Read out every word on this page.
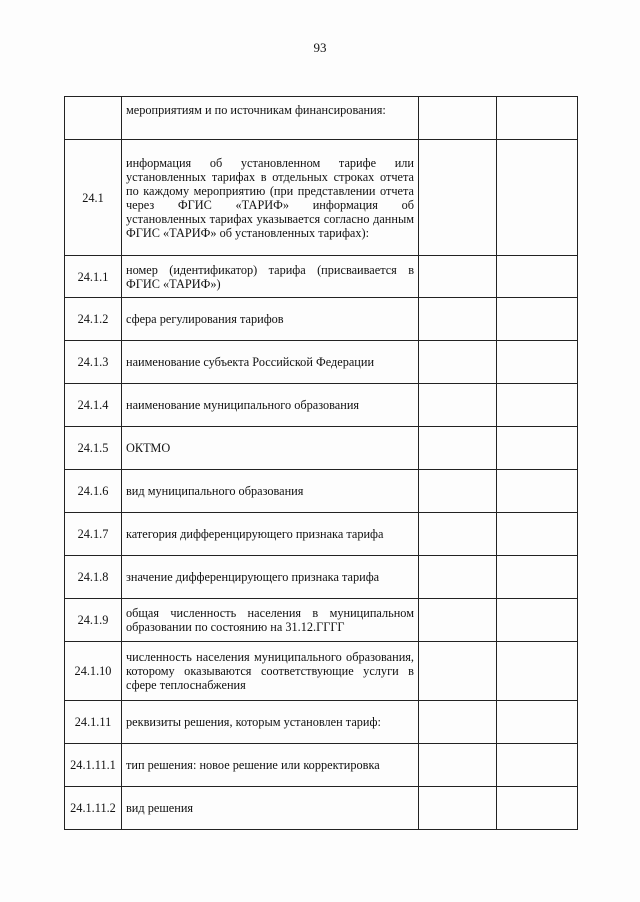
93
	мероприятиям и по источникам финансирования:		
24.1	информация об установленном тарифе или установленных тарифах в отдельных строках отчета по каждому мероприятию (при представлении отчета через ФГИС «ТАРИФ» информация об установленных тарифах указывается согласно данным ФГИС «ТАРИФ» об установленных тарифах):		
24.1.1	номер (идентификатор) тарифа (присваивается в ФГИС «ТАРИФ»)		
24.1.2	сфера регулирования тарифов		
24.1.3	наименование субъекта Российской Федерации		
24.1.4	наименование муниципального образования		
24.1.5	ОКТМО		
24.1.6	вид муниципального образования		
24.1.7	категория дифференцирующего признака тарифа		
24.1.8	значение дифференцирующего признака тарифа		
24.1.9	общая численность населения в муниципальном образовании по состоянию на 31.12.ГГГГ		
24.1.10	численность населения муниципального образования, которому оказываются соответствующие услуги в сфере теплоснабжения		
24.1.11	реквизиты решения, которым установлен тариф:		
24.1.11.1	тип решения: новое решение или корректировка		
24.1.11.2	вид решения		
